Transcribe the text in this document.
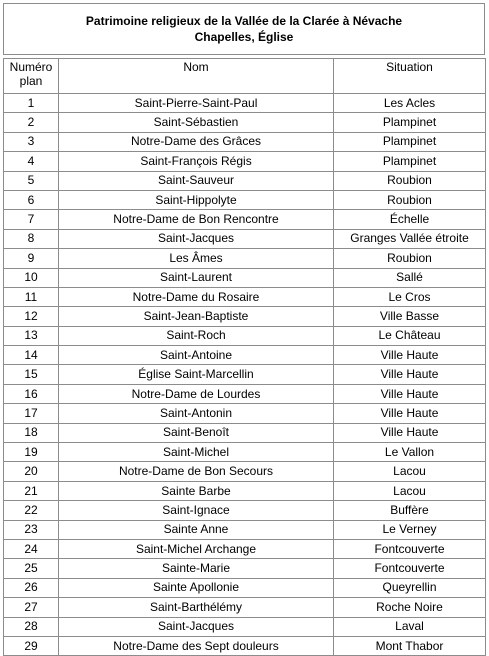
Patrimoine religieux de la Vallée de la Clarée à Névache
Chapelles, Église
Numéro plan	Nom	Situation
1	Saint-Pierre-Saint-Paul	Les Acles
2	Saint-Sébastien	Plampinet
3	Notre-Dame des Grâces	Plampinet
4	Saint-François Régis	Plampinet
5	Saint-Sauveur	Roubion
6	Saint-Hippolyte	Roubion
7	Notre-Dame de Bon Rencontre	Échelle
8	Saint-Jacques	Granges Vallée étroite
9	Les Âmes	Roubion
10	Saint-Laurent	Sallé
11	Notre-Dame du Rosaire	Le Cros
12	Saint-Jean-Baptiste	Ville Basse
13	Saint-Roch	Le Château
14	Saint-Antoine	Ville Haute
15	Église Saint-Marcellin	Ville Haute
16	Notre-Dame de Lourdes	Ville Haute
17	Saint-Antonin	Ville Haute
18	Saint-Benoît	Ville Haute
19	Saint-Michel	Le Vallon
20	Notre-Dame de Bon Secours	Lacou
21	Sainte Barbe	Lacou
22	Saint-Ignace	Buffère
23	Sainte Anne	Le Verney
24	Saint-Michel Archange	Fontcouverte
25	Sainte-Marie	Fontcouverte
26	Sainte Apollonie	Queyrellin
27	Saint-Barthélémy	Roche Noire
28	Saint-Jacques	Laval
29	Notre-Dame des Sept douleurs	Mont Thabor
